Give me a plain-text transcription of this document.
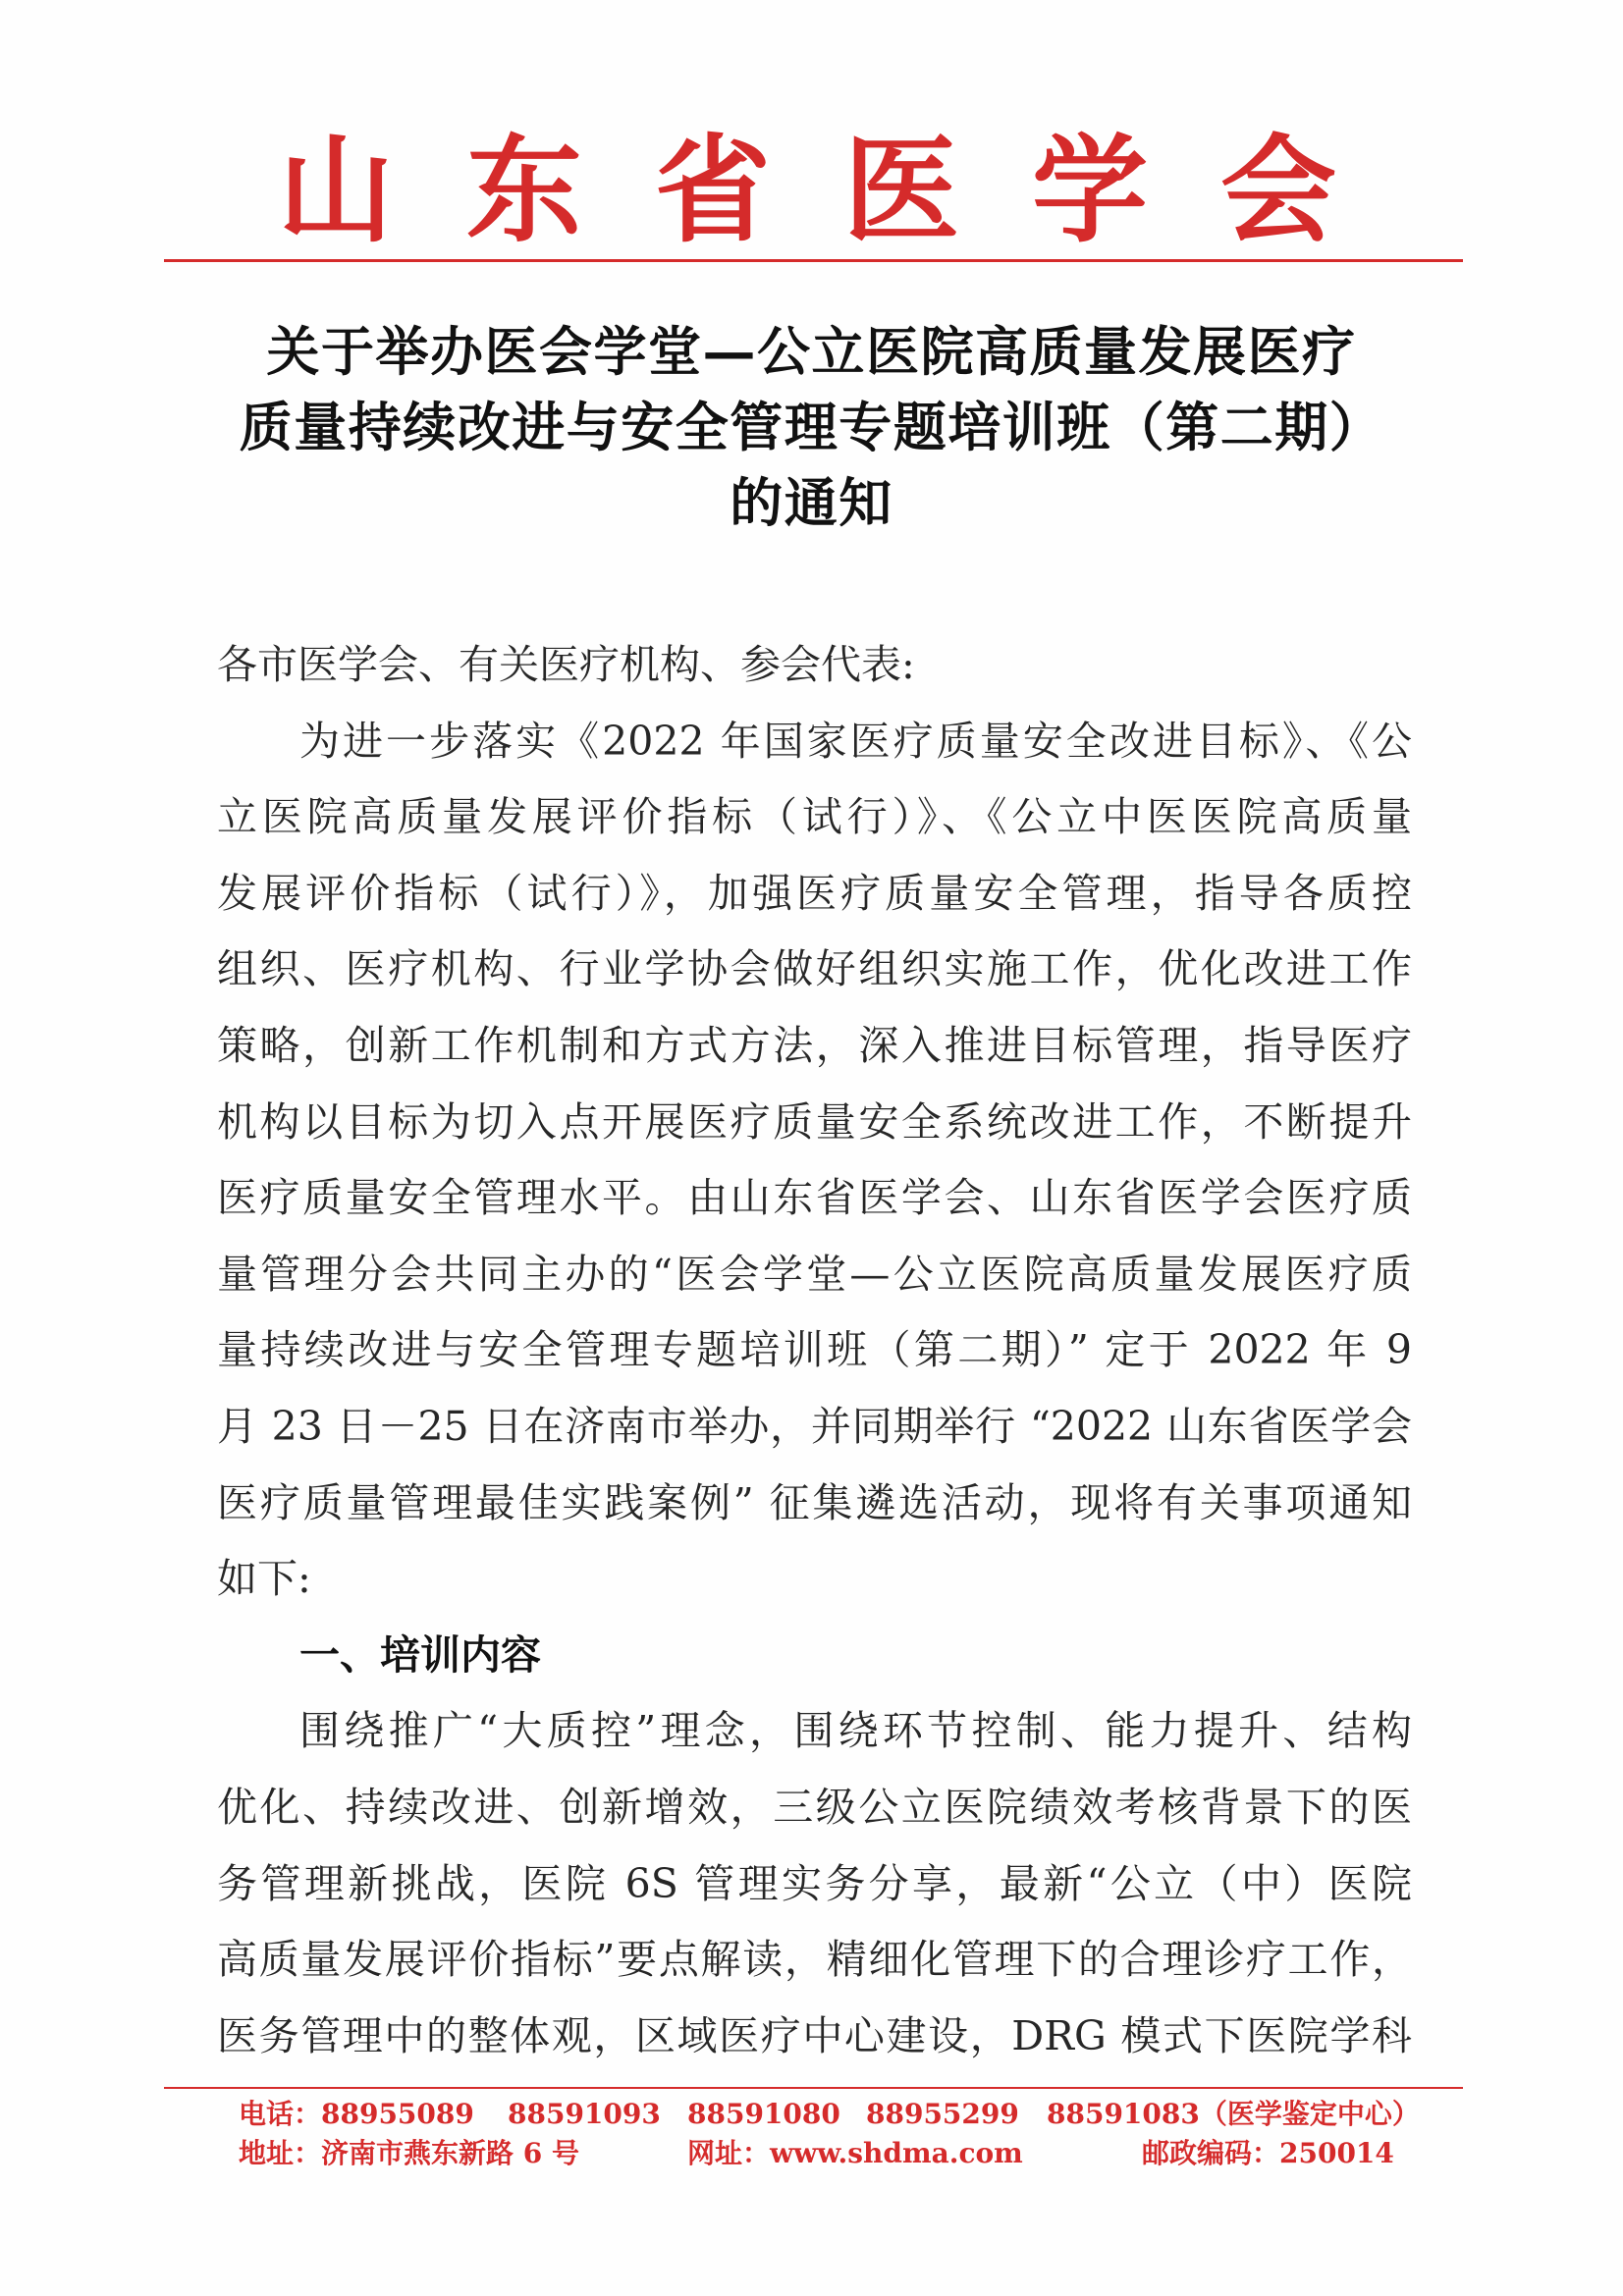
山东省医学会
关于举办医会学堂—公立医院高质量发展医疗
质量持续改进与安全管理专题培训班（第二期）
的通知
各市医学会、有关医疗机构、参会代表:
为进一步落实《2022 年国家医疗质量安全改进目标》、《公
立医院高质量发展评价指标（试行）》、《公立中医医院高质量
发展评价指标（试行）》，加强医疗质量安全管理，指导各质控
组织、医疗机构、行业学协会做好组织实施工作，优化改进工作
策略，创新工作机制和方式方法，深入推进目标管理，指导医疗
机构以目标为切入点开展医疗质量安全系统改进工作，不断提升
医疗质量安全管理水平。由山东省医学会、山东省医学会医疗质
量管理分会共同主办的“医会学堂—公立医院高质量发展医疗质
量持续改进与安全管理专题培训班（第二期）” 定于 2022 年 9
月 23 日－25 日在济南市举办，并同期举行 “2022 山东省医学会
医疗质量管理最佳实践案例” 征集遴选活动，现将有关事项通知
如下:
一、培训内容
围绕推广“大质控”理念，围绕环节控制、能力提升、结构
优化、持续改进、创新增效，三级公立医院绩效考核背景下的医
务管理新挑战，医院 6S 管理实务分享，最新“公立（中）医院
高质量发展评价指标”要点解读，精细化管理下的合理诊疗工作，
医务管理中的整体观，区域医疗中心建设，DRG 模式下医院学科
电话：88955089 88591093 88591080 88955299 88591083（医学鉴定中心）
地址：济南市燕东新路 6 号	网址：www.shdma.com	邮政编码：250014
